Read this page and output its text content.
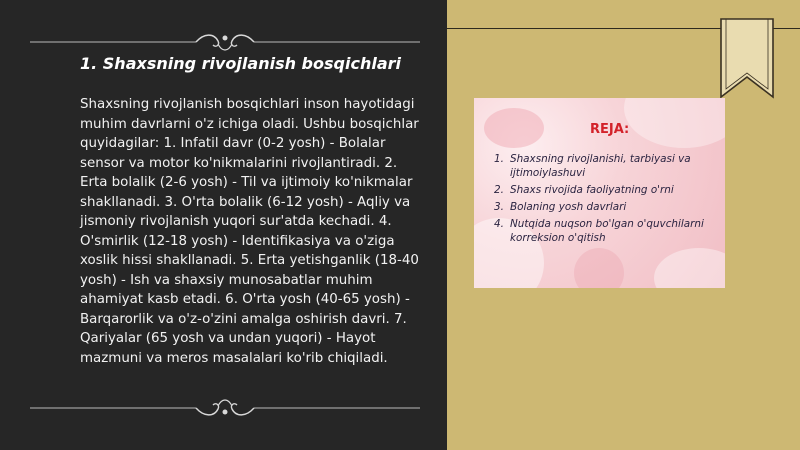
1. Shaxsning rivojlanish bosqichlari

Shaxsning rivojlanish bosqichlari inson hayotidagi muhim davrlarni o'z ichiga oladi. Ushbu bosqichlar quyidagilar: 1. Infatil davr (0-2 yosh) - Bolalar sensor va motor ko'nikmalarini rivojlantiradi. 2. Erta bolalik (2-6 yosh) - Til va ijtimoiy ko'nikmalar shakllanadi. 3. O'rta bolalik (6-12 yosh) - Aqliy va jismoniy rivojlanish yuqori sur'atda kechadi. 4. O'smirlik (12-18 yosh) - Identifikasiya va o'ziga xoslik hissi shakllanadi. 5. Erta yetishganlik (18-40 yosh) - Ish va shaxsiy munosabatlar muhim ahamiyat kasb etadi. 6. O'rta yosh (40-65 yosh) - Barqarorlik va o'z-o'zini amalga oshirish davri. 7. Qariyalar (65 yosh va undan yuqori) - Hayot mazmuni va meros masalalari ko'rib chiqiladi.

REJA:

1. Shaxsning rivojlanishi, tarbiyasi va ijtimoiylashuvi
2. Shaxs rivojida faoliyatning o'rni
3. Bolaning yosh davrlari
4. Nutqida nuqson bo'lgan o'quvchilarni korreksion o'qitish
